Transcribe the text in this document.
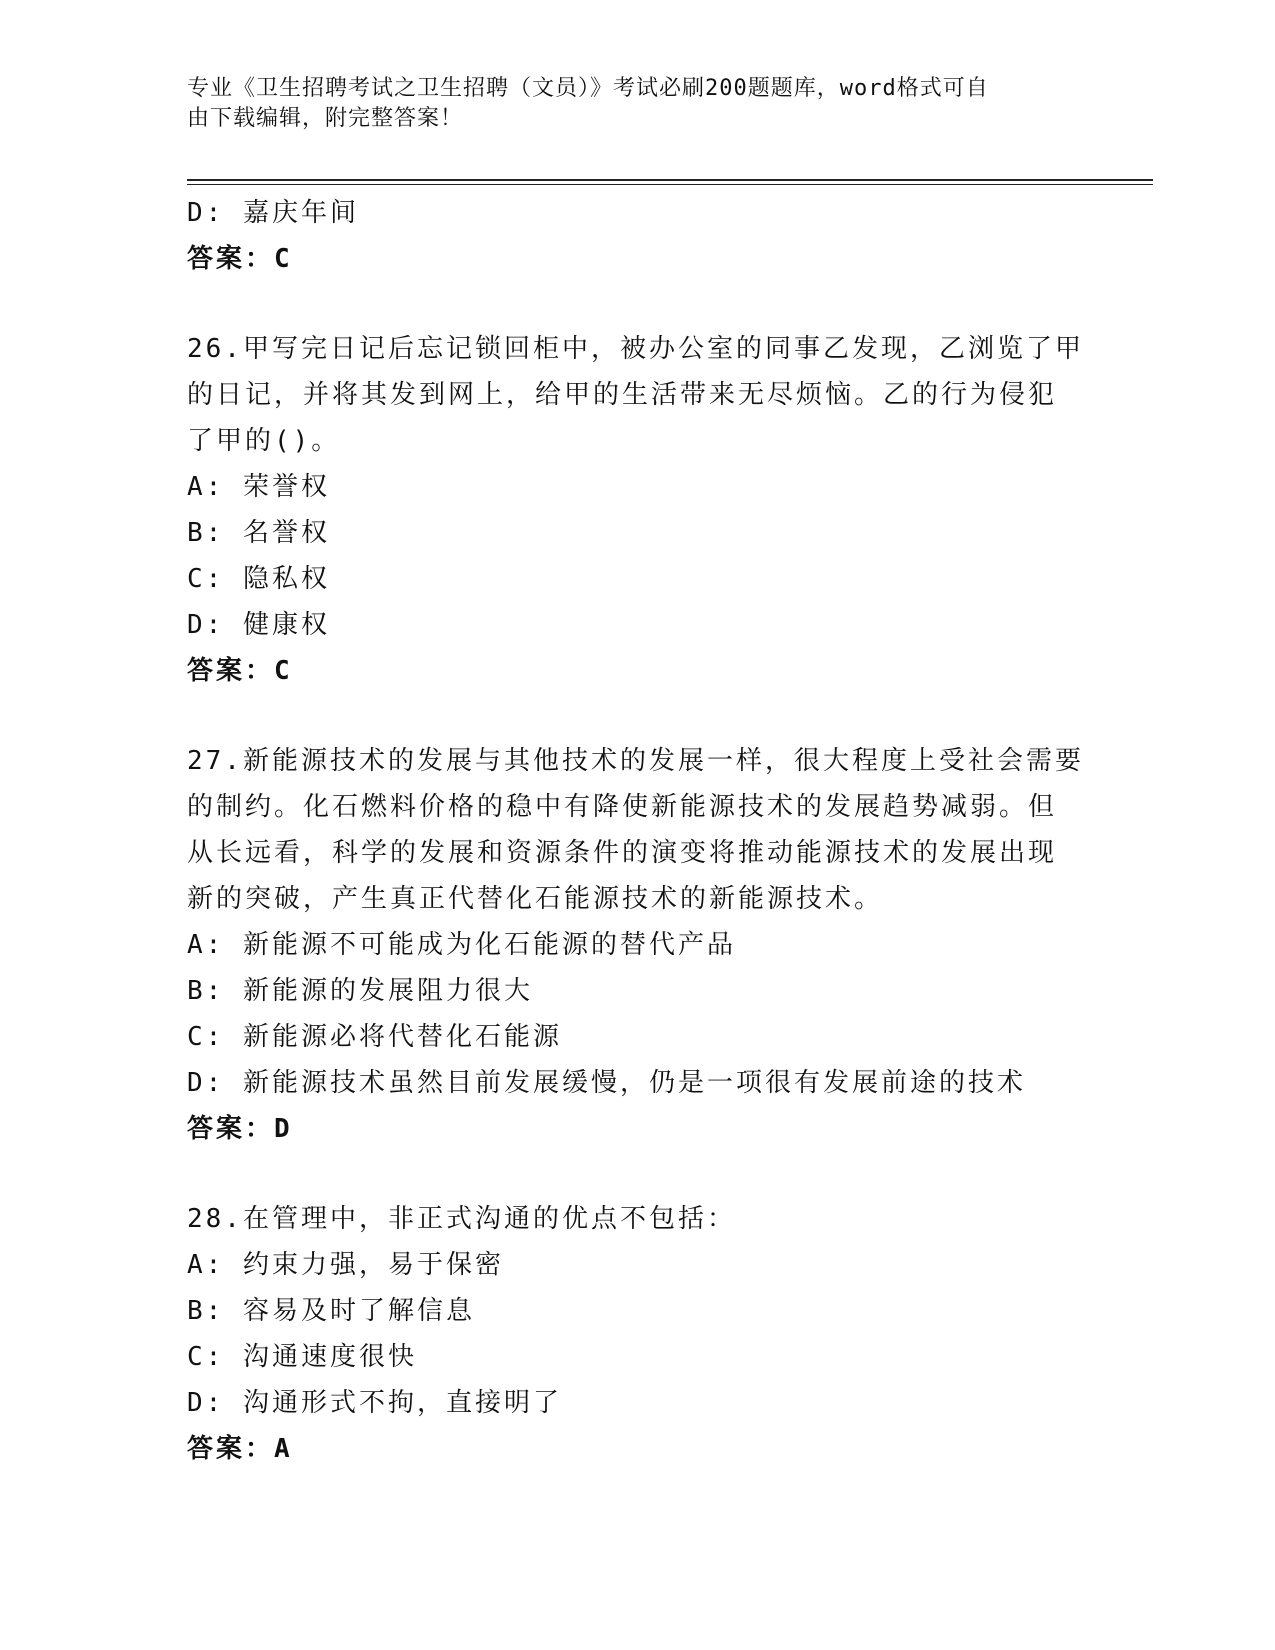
专业《卫生招聘考试之卫生招聘（文员）》考试必刷200题题库，word格式可自
由下载编辑，附完整答案！
D: 嘉庆年间
答案：C
26.甲写完日记后忘记锁回柜中，被办公室的同事乙发现，乙浏览了甲
的日记，并将其发到网上，给甲的生活带来无尽烦恼。乙的行为侵犯
了甲的()。
A: 荣誉权
B: 名誉权
C: 隐私权
D: 健康权
答案：C
27.新能源技术的发展与其他技术的发展一样，很大程度上受社会需要
的制约。化石燃料价格的稳中有降使新能源技术的发展趋势减弱。但
从长远看，科学的发展和资源条件的演变将推动能源技术的发展出现
新的突破，产生真正代替化石能源技术的新能源技术。
A: 新能源不可能成为化石能源的替代产品
B: 新能源的发展阻力很大
C: 新能源必将代替化石能源
D: 新能源技术虽然目前发展缓慢，仍是一项很有发展前途的技术
答案：D
28.在管理中，非正式沟通的优点不包括：
A: 约束力强，易于保密
B: 容易及时了解信息
C: 沟通速度很快
D: 沟通形式不拘，直接明了
答案：A
